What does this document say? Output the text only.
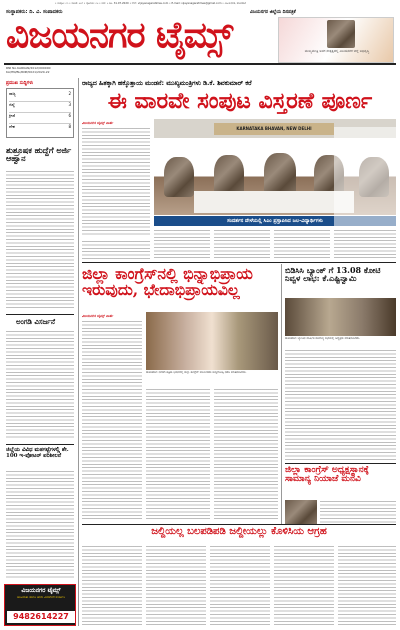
• ಸಂಪುಟ: ೧೧ • ಸಂಚಿಕೆ: ೨೫೯ • ಪುಟಗಳು: ೧೨ • ಬೆಲೆ: ೩ ರೂ. 31.07.2020 • ವೆಬ್: vijayanagaratimes.com • E-mail: vijayanagaratimes@gmail.com • ವಿಜಯನಗರ, ಹೊಸಪೇಟೆ
ಸಂಸ್ಥಾಪಕರು: ದಿ. ವಿ. ಸಂಪಾದಕರು	ವಿಜಯನಗರ ಜಿಲ್ಲೆಯ ದಿನಪತ್ರಿಕೆ
ವಿಜಯನಗರ ಟೈಮ್ಸ್	ಮುಖ್ಯಮಂತ್ರಿ ಅವರ ನೇತೃತ್ವದಲ್ಲಿ ವಿಜಯನಗರ ಜಿಲ್ಲೆ ಅಭಿವೃದ್ಧಿ
RNI No.KARKAN/2012/000000
KA/HN/BL/RNP/0021/2020-22
ಪ್ರಮುಖ ಸುದ್ದಿಗಳು
ರಾಜ್ಯ	2
ಜಿಲ್ಲೆ	3
ಕ್ರೀಡೆ	6
ದೇಶ	8
ಶುಶ್ರೂಷಕ ಹುದ್ದೆಗೆ ಅರ್ಜಿ ಆಹ್ವಾನ
ಅಂಗಡಿ ವಿಸರ್ಜನೆ
ಜಿಲ್ಲೆಯ ವಿವಿಧ ಮತಗಟ್ಟೆಗಳಲ್ಲಿ ಶೇ. 100 ಇ-ವೋಟರ್ ಪರಿಶೀಲನೆ
ವಿಜಯನಗರ ಟೈಮ್ಸ್
ಜಾಹೀರಾತು ಹಾಗೂ ಚಂದಾ ವಿವರಗಳಿಗೆ ಸಂಪರ್ಕಿಸಿ
9482614227
ರಾಜ್ಯದ ಹಿತಕ್ಕಾಗಿ ಹಕ್ಕೊತ್ತಾಯ ಮಂಡನೆ: ಮುಖ್ಯಮಂತ್ರಿಗಳು ಡಿ.ಕೆ. ಶಿವಕುಮಾರ್ ಕರೆ
ಈ ವಾರವೇ ಸಂಪುಟ ವಿಸ್ತರಣೆ ಪೂರ್ಣ
ವಿಜಯನಗರ ಟೈಮ್ಸ್ ವಾರ್ತೆ
KARNATAKA BHAVAN, NEW DELHI
ಸಂದರ್ಶನ ವೇಳೆಯಲ್ಲಿ ಸಿಎಂ ಪ್ರಸ್ತಾಪಿಸಿದ ಜಲ-ವಿದ್ಯಾರ್ಥಿಗಳು
ಜಿಲ್ಲಾ ಕಾಂಗ್ರೆಸ್‌ನಲ್ಲಿ ಭಿನ್ನಾಭಿಪ್ರಾಯ ಇರುವುದು, ಭೇದಾಭಿಪ್ರಾಯವಿಲ್ಲ
ವಿಜಯನಗರ ಟೈಮ್ಸ್ ವಾರ್ತೆ
ಹೊಸಪೇಟೆ: ನಗರದ ಪತ್ರಿಕಾ ಭವನದಲ್ಲಿ ಜಿಲ್ಲಾ ಕಾಂಗ್ರೆಸ್ ಮುಖಂಡರು ಸುದ್ದಿಗೋಷ್ಠಿ ನಡೆಸಿ ಮಾತನಾಡಿದರು.
ಬಿಡಿಸಿಸಿ ಬ್ಯಾಂಕ್ ಗೆ 13.08 ಕೋಟಿ ನಿವ್ವಳ ಲಾಭ: ಕೆ.ಎಷ್ಟಿನ್ವಾಮಿ
ಹೊಸಪೇಟೆ: ಬ್ಯಾಂಕಿನ ವಾರ್ಷಿಕ ಸಾಮಾನ್ಯ ಸಭೆಯಲ್ಲಿ ಅಧ್ಯಕ್ಷರು ಮಾತನಾಡಿದರು.
ಜಿಲ್ಲಾ ಕಾಂಗ್ರೆಸ್ ಅಧ್ಯಕ್ಷಸ್ಥಾನಕ್ಕೆ ಸಾಮಾನ್ಯ ನಿಯಾಜೆ ಮನವಿ
ಜಲ್ದಿಯಲ್ಲ ಬಲಪಡಿಪಡಿ ಜಲ್ದೀಯಲ್ಲು ಕೊಳಿಸಿಯ ಆಗ್ರಹ
